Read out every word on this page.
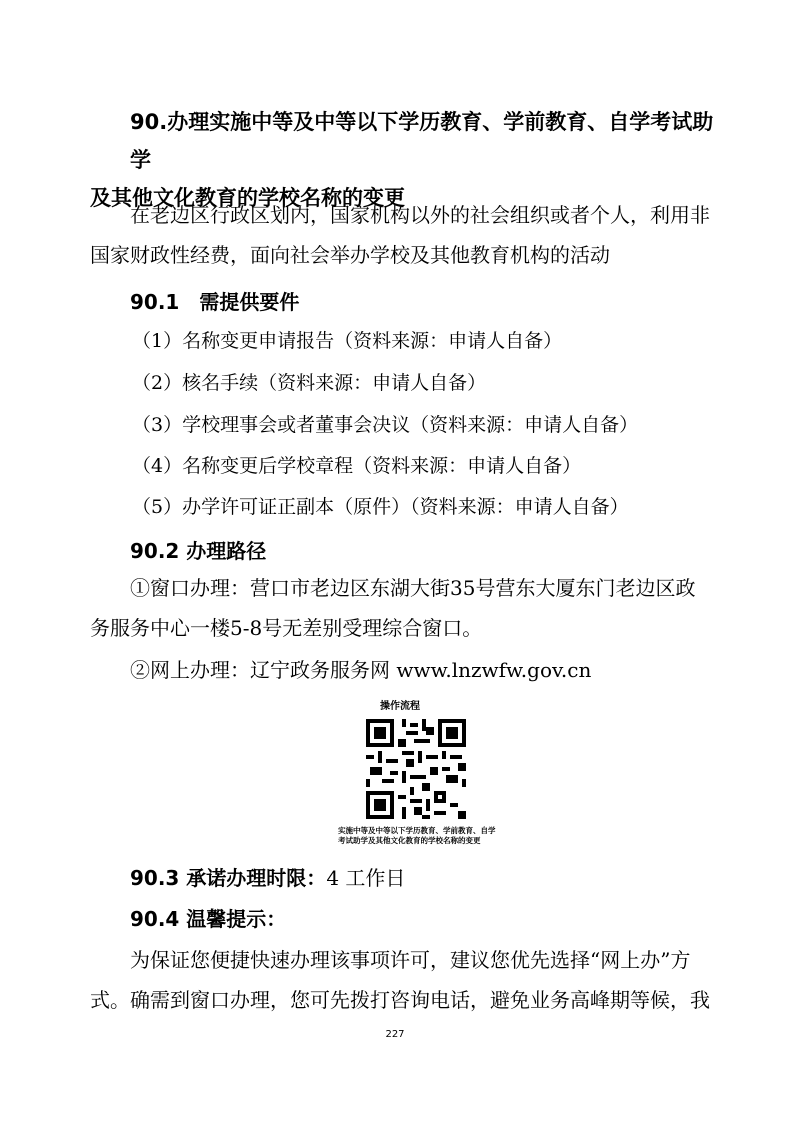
90.办理实施中等及中等以下学历教育、学前教育、自学考试助学
及其他文化教育的学校名称的变更
在老边区行政区划内，国家机构以外的社会组织或者个人，利用非国家财政性经费，面向社会举办学校及其他教育机构的活动
90.1　需提供要件
（1）名称变更申请报告（资料来源：申请人自备）
（2）核名手续（资料来源：申请人自备）
（3）学校理事会或者董事会决议（资料来源：申请人自备）
（4）名称变更后学校章程（资料来源：申请人自备）
（5）办学许可证正副本（原件）（资料来源：申请人自备）
90.2 办理路径
①窗口办理：营口市老边区东湖大街35号营东大厦东门老边区政务服务中心一楼5-8号无差别受理综合窗口。
②网上办理：辽宁政务服务网 www.lnzwfw.gov.cn
操作流程
实施中等及中等以下学历教育、学前教育、自学考试助学及其他文化教育的学校名称的变更
90.3 承诺办理时限：4 工作日
90.4 温馨提示：
为保证您便捷快速办理该事项许可，建议您优先选择“网上办”方式。确需到窗口办理，您可先拨打咨询电话，避免业务高峰期等候，我
227
